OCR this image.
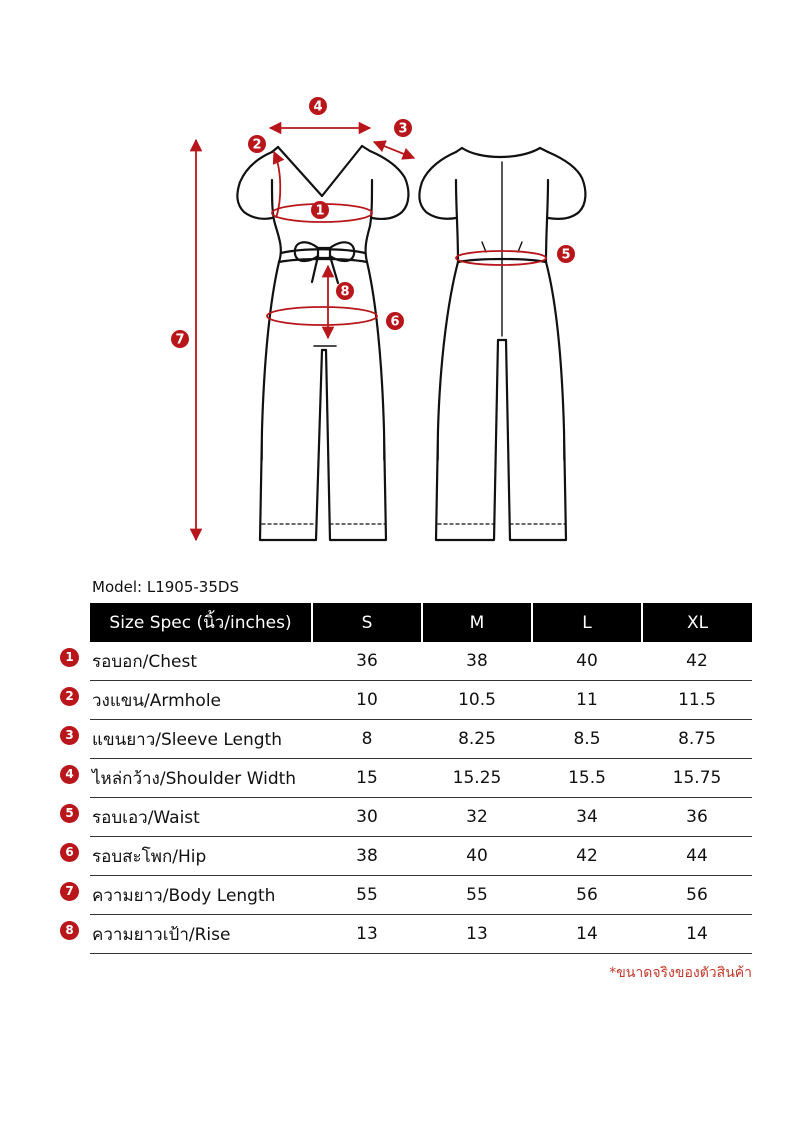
1
2
3
4
5
6
7
8
Model: L1905-35DS
Size Spec (นิ้ว/inches)	S	M	L	XL

1 รอบอก/Chest	36	38	40	42

2 วงแขน/Armhole	10	10.5	11	11.5

3 แขนยาว/Sleeve Length	8	8.25	8.5	8.75

4 ไหล่กว้าง/Shoulder Width	15	15.25	15.5	15.75

5 รอบเอว/Waist	30	32	34	36

6 รอบสะโพก/Hip	38	40	42	44

7 ความยาว/Body Length	55	55	56	56

8 ความยาวเป้า/Rise	13	13	14	14
*ขนาดจริงของตัวสินค้า
